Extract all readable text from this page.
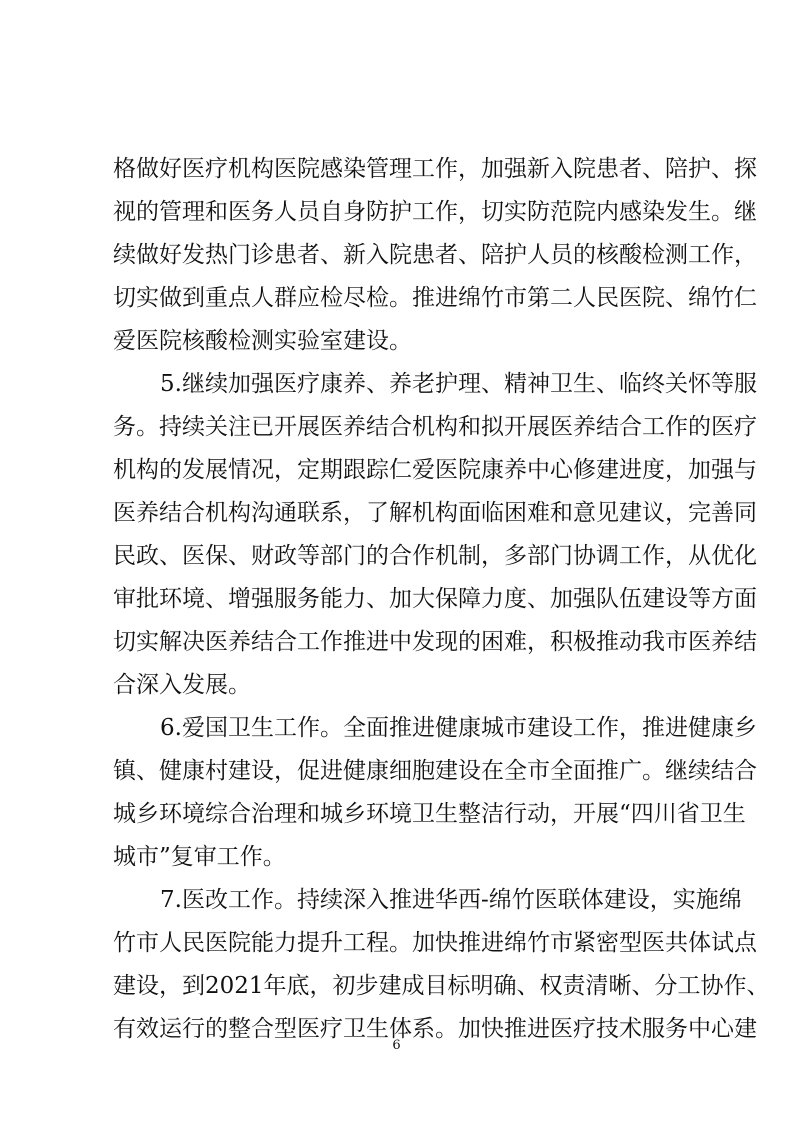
格做好医疗机构医院感染管理工作，加强新入院患者、陪护、探
视的管理和医务人员自身防护工作，切实防范院内感染发生。继
续做好发热门诊患者、新入院患者、陪护人员的核酸检测工作，
切实做到重点人群应检尽检。推进绵竹市第二人民医院、绵竹仁
爱医院核酸检测实验室建设。
5.继续加强医疗康养、养老护理、精神卫生、临终关怀等服
务。持续关注已开展医养结合机构和拟开展医养结合工作的医疗
机构的发展情况，定期跟踪仁爱医院康养中心修建进度，加强与
医养结合机构沟通联系，了解机构面临困难和意见建议，完善同
民政、医保、财政等部门的合作机制，多部门协调工作，从优化
审批环境、增强服务能力、加大保障力度、加强队伍建设等方面
切实解决医养结合工作推进中发现的困难，积极推动我市医养结
合深入发展。
6.爱国卫生工作。全面推进健康城市建设工作，推进健康乡
镇、健康村建设，促进健康细胞建设在全市全面推广。继续结合
城乡环境综合治理和城乡环境卫生整洁行动，开展“四川省卫生
城市”复审工作。
7.医改工作。持续深入推进华西-绵竹医联体建设，实施绵
竹市人民医院能力提升工程。加快推进绵竹市紧密型医共体试点
建设，到2021年底，初步建成目标明确、权责清晰、分工协作、
有效运行的整合型医疗卫生体系。加快推进医疗技术服务中心建
6
